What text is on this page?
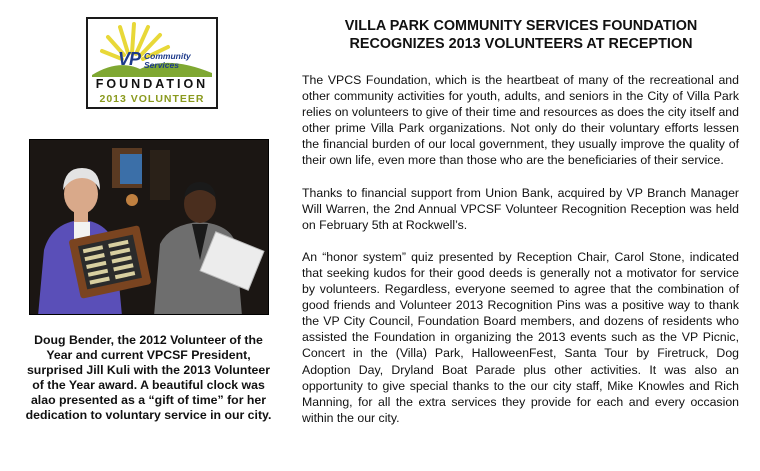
VP Community
Services
FOUNDATION
2013 VOLUNTEER
Doug Bender, the 2012 Volunteer of the Year and current VPCSF President, surprised Jill Kuli with the 2013 Volunteer of the Year award. A beautiful clock was alao presented as a “gift of time” for her dedication to voluntary service in our city.
VILLA PARK COMMUNITY SERVICES FOUNDATION RECOGNIZES 2013 VOLUNTEERS AT RECEPTION

The VPCS Foundation, which is the heartbeat of many of the recreational and other community activities for youth, adults, and seniors in the City of Villa Park relies on volunteers to give of their time and resources as does the city itself and other prime Villa Park organizations. Not only do their voluntary efforts lessen the financial burden of our local government, they usually improve the quality of their own life, even more than those who are the beneficiaries of their service.

Thanks to financial support from Union Bank, acquired by VP Branch Manager Will Warren, the 2nd Annual VPCSF Volunteer Recognition Reception was held on February 5th at Rockwell’s.

An “honor system” quiz presented by Reception Chair, Carol Stone, indicated that seeking kudos for their good deeds is generally not a motivator for service by volunteers. Regardless, everyone seemed to agree that the combination of good friends and Volunteer 2013 Recognition Pins was a positive way to thank the VP City Council, Foundation Board members, and dozens of residents who assisted the Foundation in organizing the 2013 events such as the VP Picnic, Concert in the (Villa) Park, HalloweenFest, Santa Tour by Firetruck, Dog Adoption Day, Dryland Boat Parade plus other activities. It was also an opportunity to give special thanks to the our city staff, Mike Knowles and Rich Manning, for all the extra services they provide for each and every occasion within the our city.
